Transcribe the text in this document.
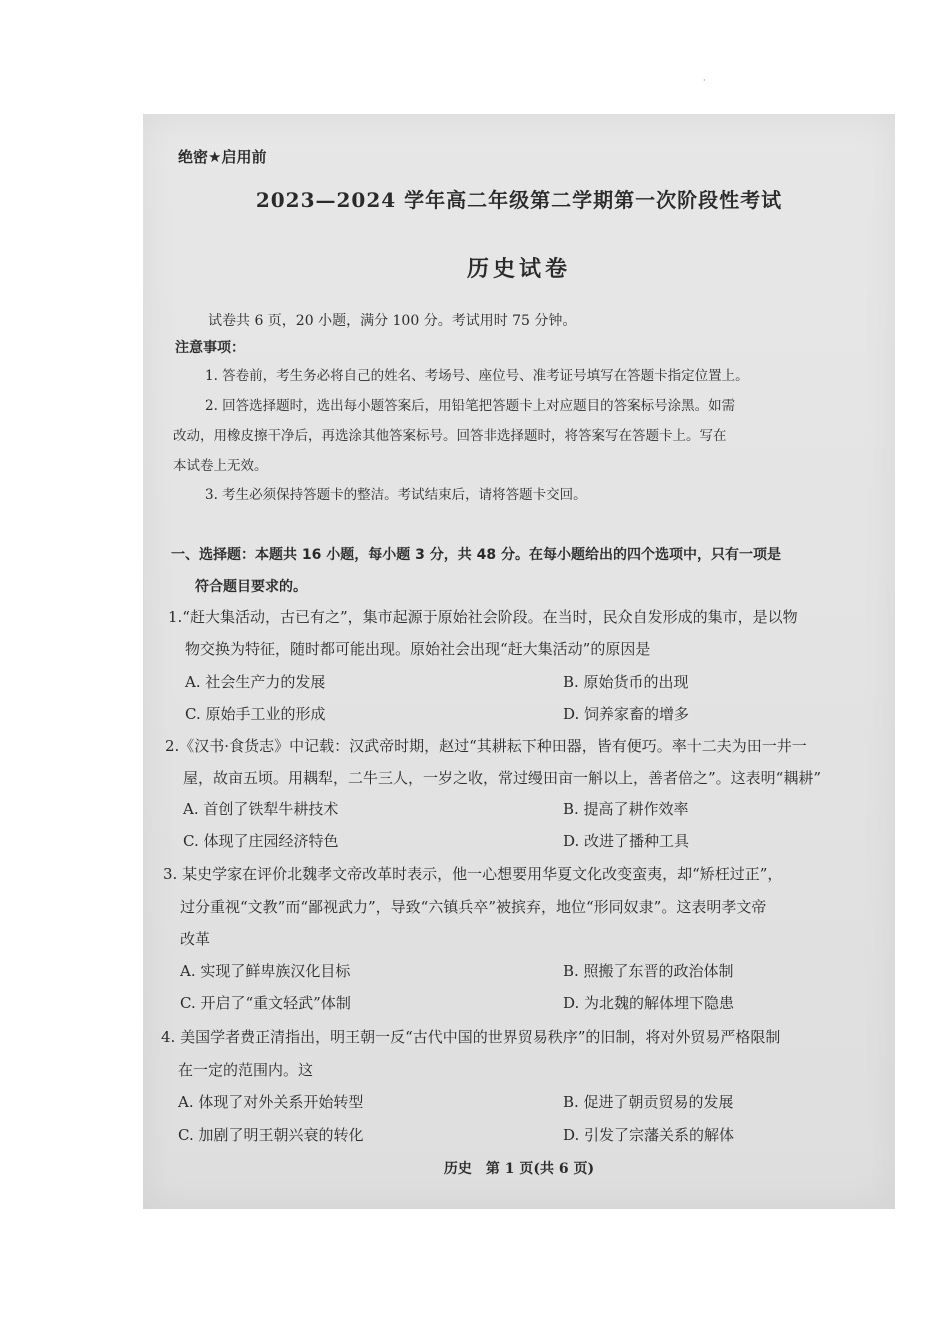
·
绝密★启用前
2023—2024 学年高二年级第二学期第一次阶段性考试
历史试卷
试卷共 6 页，20 小题，满分 100 分。考试用时 75 分钟。
注意事项：
1. 答卷前，考生务必将自己的姓名、考场号、座位号、准考证号填写在答题卡指定位置上。
2. 回答选择题时，选出每小题答案后，用铅笔把答题卡上对应题目的答案标号涂黑。如需
改动，用橡皮擦干净后，再选涂其他答案标号。回答非选择题时，将答案写在答题卡上。写在
本试卷上无效。
3. 考生必须保持答题卡的整洁。考试结束后，请将答题卡交回。
一、选择题：本题共 16 小题，每小题 3 分，共 48 分。在每小题给出的四个选项中，只有一项是
符合题目要求的。
1.“赶大集活动，古已有之”，集市起源于原始社会阶段。在当时，民众自发形成的集市，是以物
物交换为特征，随时都可能出现。原始社会出现“赶大集活动”的原因是
A. 社会生产力的发展	B. 原始货币的出现
C. 原始手工业的形成	D. 饲养家畜的增多
2.《汉书·食货志》中记载：汉武帝时期，赵过“其耕耘下种田器，皆有便巧。率十二夫为田一井一
屋，故亩五顷。用耦犁，二牛三人，一岁之收，常过缦田亩一斛以上，善者倍之”。这表明“耦耕”
A. 首创了铁犁牛耕技术	B. 提高了耕作效率
C. 体现了庄园经济特色	D. 改进了播种工具
3. 某史学家在评价北魏孝文帝改革时表示，他一心想要用华夏文化改变蛮夷，却“矫枉过正”，
过分重视“文教”而“鄙视武力”，导致“六镇兵卒”被摈弃，地位“形同奴隶”。这表明孝文帝
改革
A. 实现了鲜卑族汉化目标	B. 照搬了东晋的政治体制
C. 开启了“重文轻武”体制	D. 为北魏的解体埋下隐患
4. 美国学者费正清指出，明王朝一反“古代中国的世界贸易秩序”的旧制，将对外贸易严格限制
在一定的范围内。这
A. 体现了对外关系开始转型	B. 促进了朝贡贸易的发展
C. 加剧了明王朝兴衰的转化	D. 引发了宗藩关系的解体
历史　第 1 页(共 6 页)
